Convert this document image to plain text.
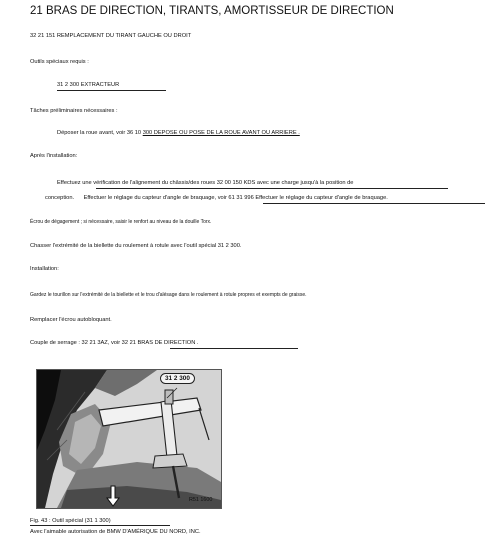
21 BRAS DE DIRECTION, TIRANTS, AMORTISSEUR DE DIRECTION
32 21 151 REMPLACEMENT DU TIRANT GAUCHE OU DROIT
Outils spéciaux requis :
31 2 300 EXTRACTEUR
Tâches préliminaires nécessaires :
Déposer la roue avant, voir 36 10 300 DEPOSE OU POSE DE LA ROUE AVANT OU ARRIERE .
Après l'installation:
Effectuez une vérification de l'alignement du châssis/des roues 32 00 150 KDS avec une charge jusqu'à la position de
conception. Effectuer le réglage du capteur d'angle de braquage, voir 61 31 996 Effectuer le réglage du capteur d'angle de braquage.
Écrou de dégagement ; si nécessaire, saisir le renfort au niveau de la douille Torx.
Chasser l'extrémité de la biellette du roulement à rotule avec l'outil spécial 31 2 300.
Installation:
Gardez le tourillon sur l'extrémité de la biellette et le trou d'alésage dans le roulement à rotule propres et exempts de graisse.
Remplacer l'écrou autobloquant.
Couple de serrage : 32 21 3AZ, voir 32 21 BRAS DE DIRECTION .
31 2 300
R51 1600
Fig. 43 : Outil spécial (31 1 300)
Avec l'aimable autorisation de BMW D'AMÉRIQUE DU NORD, INC.
